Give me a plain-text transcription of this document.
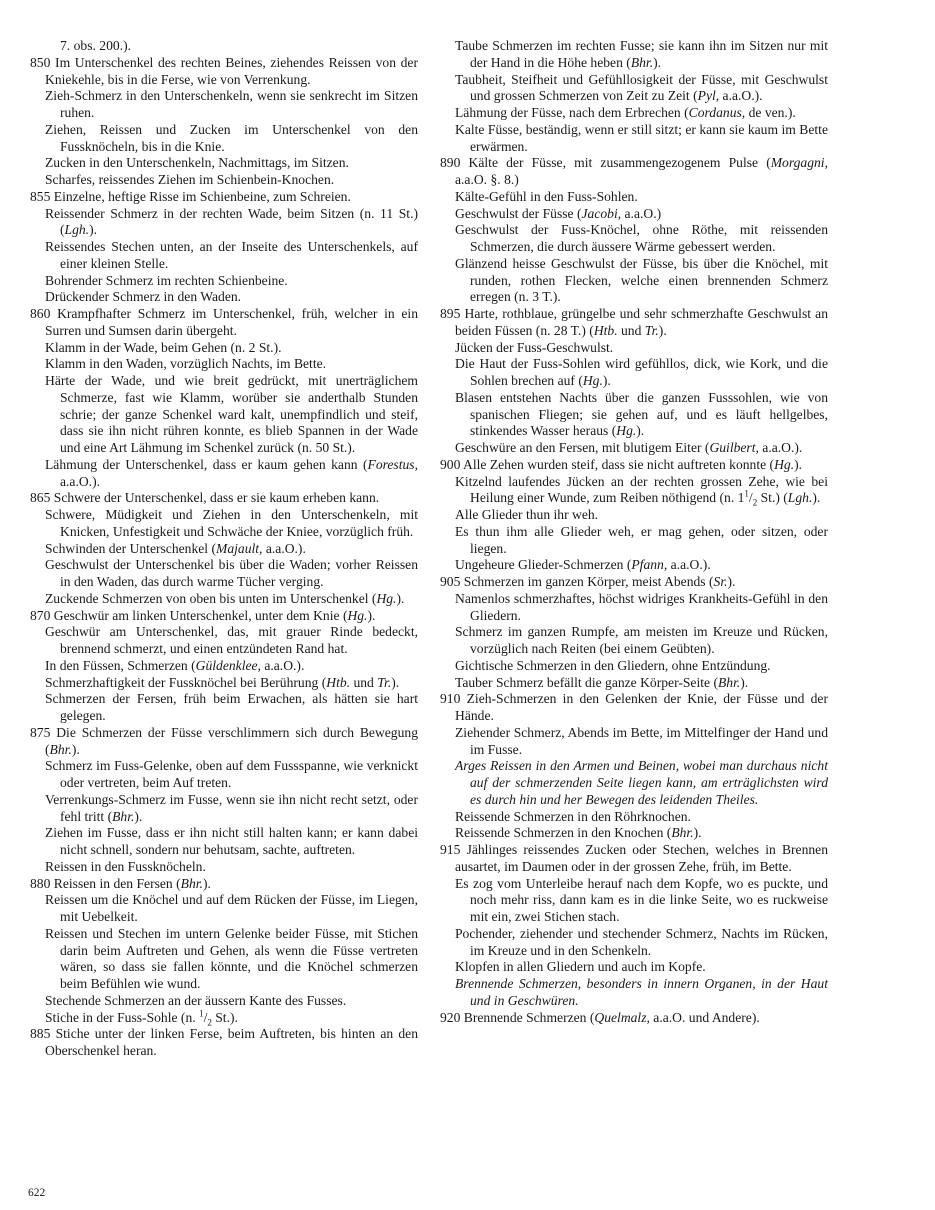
7. obs. 200.).
850 Im Unterschenkel des rechten Beines, ziehendes Reissen von der Kniekehle, bis in die Ferse, wie von Verrenkung.
Zieh-Schmerz in den Unterschenkeln, wenn sie senkrecht im Sitzen ruhen.
Ziehen, Reissen und Zucken im Unterschenkel von den Fussknöcheln, bis in die Knie.
Zucken in den Unterschenkeln, Nachmittags, im Sitzen.
Scharfes, reissendes Ziehen im Schienbein-Knochen.
855 Einzelne, heftige Risse im Schienbeine, zum Schreien.
Reissender Schmerz in der rechten Wade, beim Sitzen (n. 11 St.) (Lgh.).
Reissendes Stechen unten, an der Inseite des Unterschenkels, auf einer kleinen Stelle.
Bohrender Schmerz im rechten Schienbeine.
Drückender Schmerz in den Waden.
860 Krampfhafter Schmerz im Unterschenkel, früh, welcher in ein Surren und Sumsen darin übergeht.
Klamm in der Wade, beim Gehen (n. 2 St.).
Klamm in den Waden, vorzüglich Nachts, im Bette.
Härte der Wade, und wie breit gedrückt, mit unerträglichem Schmerze, fast wie Klamm, worüber sie anderthalb Stunden schrie; der ganze Schenkel ward kalt, unempfindlich und steif, dass sie ihn nicht rühren konnte, es blieb Spannen in der Wade und eine Art Lähmung im Schenkel zurück (n. 50 St.).
Lähmung der Unterschenkel, dass er kaum gehen kann (Forestus, a.a.O.).
865 Schwere der Unterschenkel, dass er sie kaum erheben kann.
Schwere, Müdigkeit und Ziehen in den Unterschenkeln, mit Knicken, Unfestigkeit und Schwäche der Kniee, vorzüglich früh.
Schwinden der Unterschenkel (Majault, a.a.O.).
Geschwulst der Unterschenkel bis über die Waden; vorher Reissen in den Waden, das durch warme Tücher verging.
Zuckende Schmerzen von oben bis unten im Unterschenkel (Hg.).
870 Geschwür am linken Unterschenkel, unter dem Knie (Hg.).
Geschwür am Unterschenkel, das, mit grauer Rinde bedeckt, brennend schmerzt, und einen entzündeten Rand hat.
In den Füssen, Schmerzen (Güldenklee, a.a.O.).
Schmerzhaftigkeit der Fussknöchel bei Berührung (Htb. und Tr.).
Schmerzen der Fersen, früh beim Erwachen, als hätten sie hart gelegen.
875 Die Schmerzen der Füsse verschlimmern sich durch Bewegung (Bhr.).
Schmerz im Fuss-Gelenke, oben auf dem Fussspanne, wie verknickt oder vertreten, beim Auf treten.
Verrenkungs-Schmerz im Fusse, wenn sie ihn nicht recht setzt, oder fehl tritt (Bhr.).
Ziehen im Fusse, dass er ihn nicht still halten kann; er kann dabei nicht schnell, sondern nur behutsam, sachte, auftreten.
Reissen in den Fussknöcheln.
880 Reissen in den Fersen (Bhr.).
Reissen um die Knöchel und auf dem Rücken der Füsse, im Liegen, mit Uebelkeit.
Reissen und Stechen im untern Gelenke beider Füsse, mit Stichen darin beim Auftreten und Gehen, als wenn die Füsse vertreten wären, so dass sie fallen könnte, und die Knöchel schmerzen beim Befühlen wie wund.
Stechende Schmerzen an der äussern Kante des Fusses.
Stiche in der Fuss-Sohle (n. $^1/_2$ St.).
885 Stiche unter der linken Ferse, beim Auftreten, bis hinten an den Oberschenkel heran.
Taube Schmerzen im rechten Fusse; sie kann ihn im Sitzen nur mit der Hand in die Höhe heben (Bhr.).
Taubheit, Steifheit und Gefühllosigkeit der Füsse, mit Geschwulst und grossen Schmerzen von Zeit zu Zeit (Pyl, a.a.O.).
Lähmung der Füsse, nach dem Erbrechen (Cordanus, de ven.).
Kalte Füsse, beständig, wenn er still sitzt; er kann sie kaum im Bette erwärmen.
890 Kälte der Füsse, mit zusammengezogenem Pulse (Morgagni, a.a.O. §. 8.)
Kälte-Gefühl in den Fuss-Sohlen.
Geschwulst der Füsse (Jacobi, a.a.O.)
Geschwulst der Fuss-Knöchel, ohne Röthe, mit reissenden Schmerzen, die durch äussere Wärme gebessert werden.
Glänzend heisse Geschwulst der Füsse, bis über die Knöchel, mit runden, rothen Flecken, welche einen brennenden Schmerz erregen (n. 3 T.).
895 Harte, rothblaue, grüngelbe und sehr schmerzhafte Geschwulst an beiden Füssen (n. 28 T.) (Htb. und Tr.).
Jücken der Fuss-Geschwulst.
Die Haut der Fuss-Sohlen wird gefühllos, dick, wie Kork, und die Sohlen brechen auf (Hg.).
Blasen entstehen Nachts über die ganzen Fusssohlen, wie von spanischen Fliegen; sie gehen auf, und es läuft hellgelbes, stinkendes Wasser heraus (Hg.).
Geschwüre an den Fersen, mit blutigem Eiter (Guilbert, a.a.O.).
900 Alle Zehen wurden steif, dass sie nicht auftreten konnte (Hg.).
Kitzelnd laufendes Jücken an der rechten grossen Zehe, wie bei Heilung einer Wunde, zum Reiben nöthigend (n. $1^1/_2$ St.) (Lgh.).
Alle Glieder thun ihr weh.
Es thun ihm alle Glieder weh, er mag gehen, oder sitzen, oder liegen.
Ungeheure Glieder-Schmerzen (Pfann, a.a.O.).
905 Schmerzen im ganzen Körper, meist Abends (Sr.).
Namenlos schmerzhaftes, höchst widriges Krankheits-Gefühl in den Gliedern.
Schmerz im ganzen Rumpfe, am meisten im Kreuze und Rücken, vorzüglich nach Reiten (bei einem Geübten).
Gichtische Schmerzen in den Gliedern, ohne Entzündung.
Tauber Schmerz befällt die ganze Körper-Seite (Bhr.).
910 Zieh-Schmerzen in den Gelenken der Knie, der Füsse und der Hände.
Ziehender Schmerz, Abends im Bette, im Mittelfinger der Hand und im Fusse.
Arges Reissen in den Armen und Beinen, wobei man durchaus nicht auf der schmerzenden Seite liegen kann, am erträglichsten wird es durch hin und her Bewegen des leidenden Theiles.
Reissende Schmerzen in den Röhrknochen.
Reissende Schmerzen in den Knochen (Bhr.).
915 Jählinges reissendes Zucken oder Stechen, welches in Brennen ausartet, im Daumen oder in der grossen Zehe, früh, im Bette.
Es zog vom Unterleibe herauf nach dem Kopfe, wo es puckte, und noch mehr riss, dann kam es in die linke Seite, wo es ruckweise mit ein, zwei Stichen stach.
Pochender, ziehender und stechender Schmerz, Nachts im Rücken, im Kreuze und in den Schenkeln.
Klopfen in allen Gliedern und auch im Kopfe.
Brennende Schmerzen, besonders in innern Organen, in der Haut und in Geschwüren.
920 Brennende Schmerzen (Quelmalz, a.a.O. und Andere).
622
